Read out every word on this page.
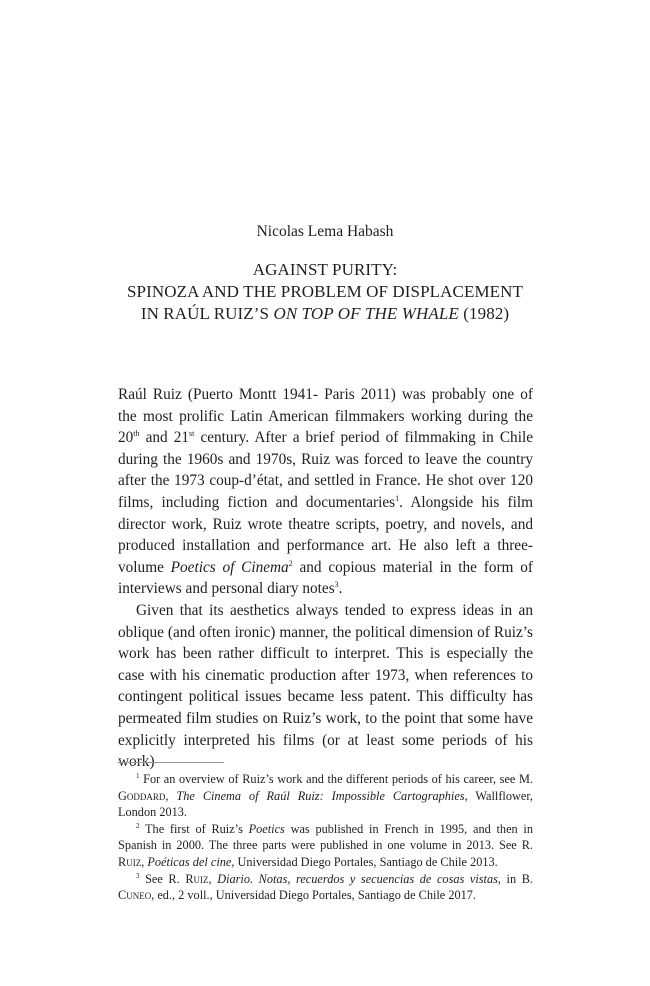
Nicolas Lema Habash
AGAINST PURITY:
SPINOZA AND THE PROBLEM OF DISPLACEMENT
IN RAÚL RUIZ’S ON TOP OF THE WHALE (1982)

Raúl Ruiz (Puerto Montt 1941- Paris 2011) was probably one of the most prolific Latin American filmmakers working during the 20th and 21st century. After a brief period of filmmaking in Chile during the 1960s and 1970s, Ruiz was forced to leave the country after the 1973 coup-d’état, and settled in France. He shot over 120 films, including fiction and documentaries$^1$. Alongside his film director work, Ruiz wrote theatre scripts, poetry, and novels, and produced installation and performance art. He also left a three-volume Poetics of Cinema$^2$ and copious material in the form of interviews and personal diary notes$^3$.

Given that its aesthetics always tended to express ideas in an oblique (and often ironic) manner, the political dimension of Ruiz’s work has been rather difficult to interpret. This is especially the case with his cinematic production after 1973, when references to contingent political issues became less patent. This difficulty has permeated film studies on Ruiz’s work, to the point that some have explicitly interpreted his films (or at least some periods of his work)

$^1$ For an overview of Ruiz’s work and the different periods of his career, see M. Goddard, The Cinema of Raúl Ruiz: Impossible Cartographies, Wallflower, London 2013.

$^2$ The first of Ruiz’s Poetics was published in French in 1995, and then in Spanish in 2000. The three parts were published in one volume in 2013. See R. Ruiz, Poéticas del cine, Universidad Diego Portales, Santiago de Chile 2013.

$^3$ See R. Ruiz, Diario. Notas, recuerdos y secuencias de cosas vistas, in B. Cuneo, ed., 2 voll., Universidad Diego Portales, Santiago de Chile 2017.
